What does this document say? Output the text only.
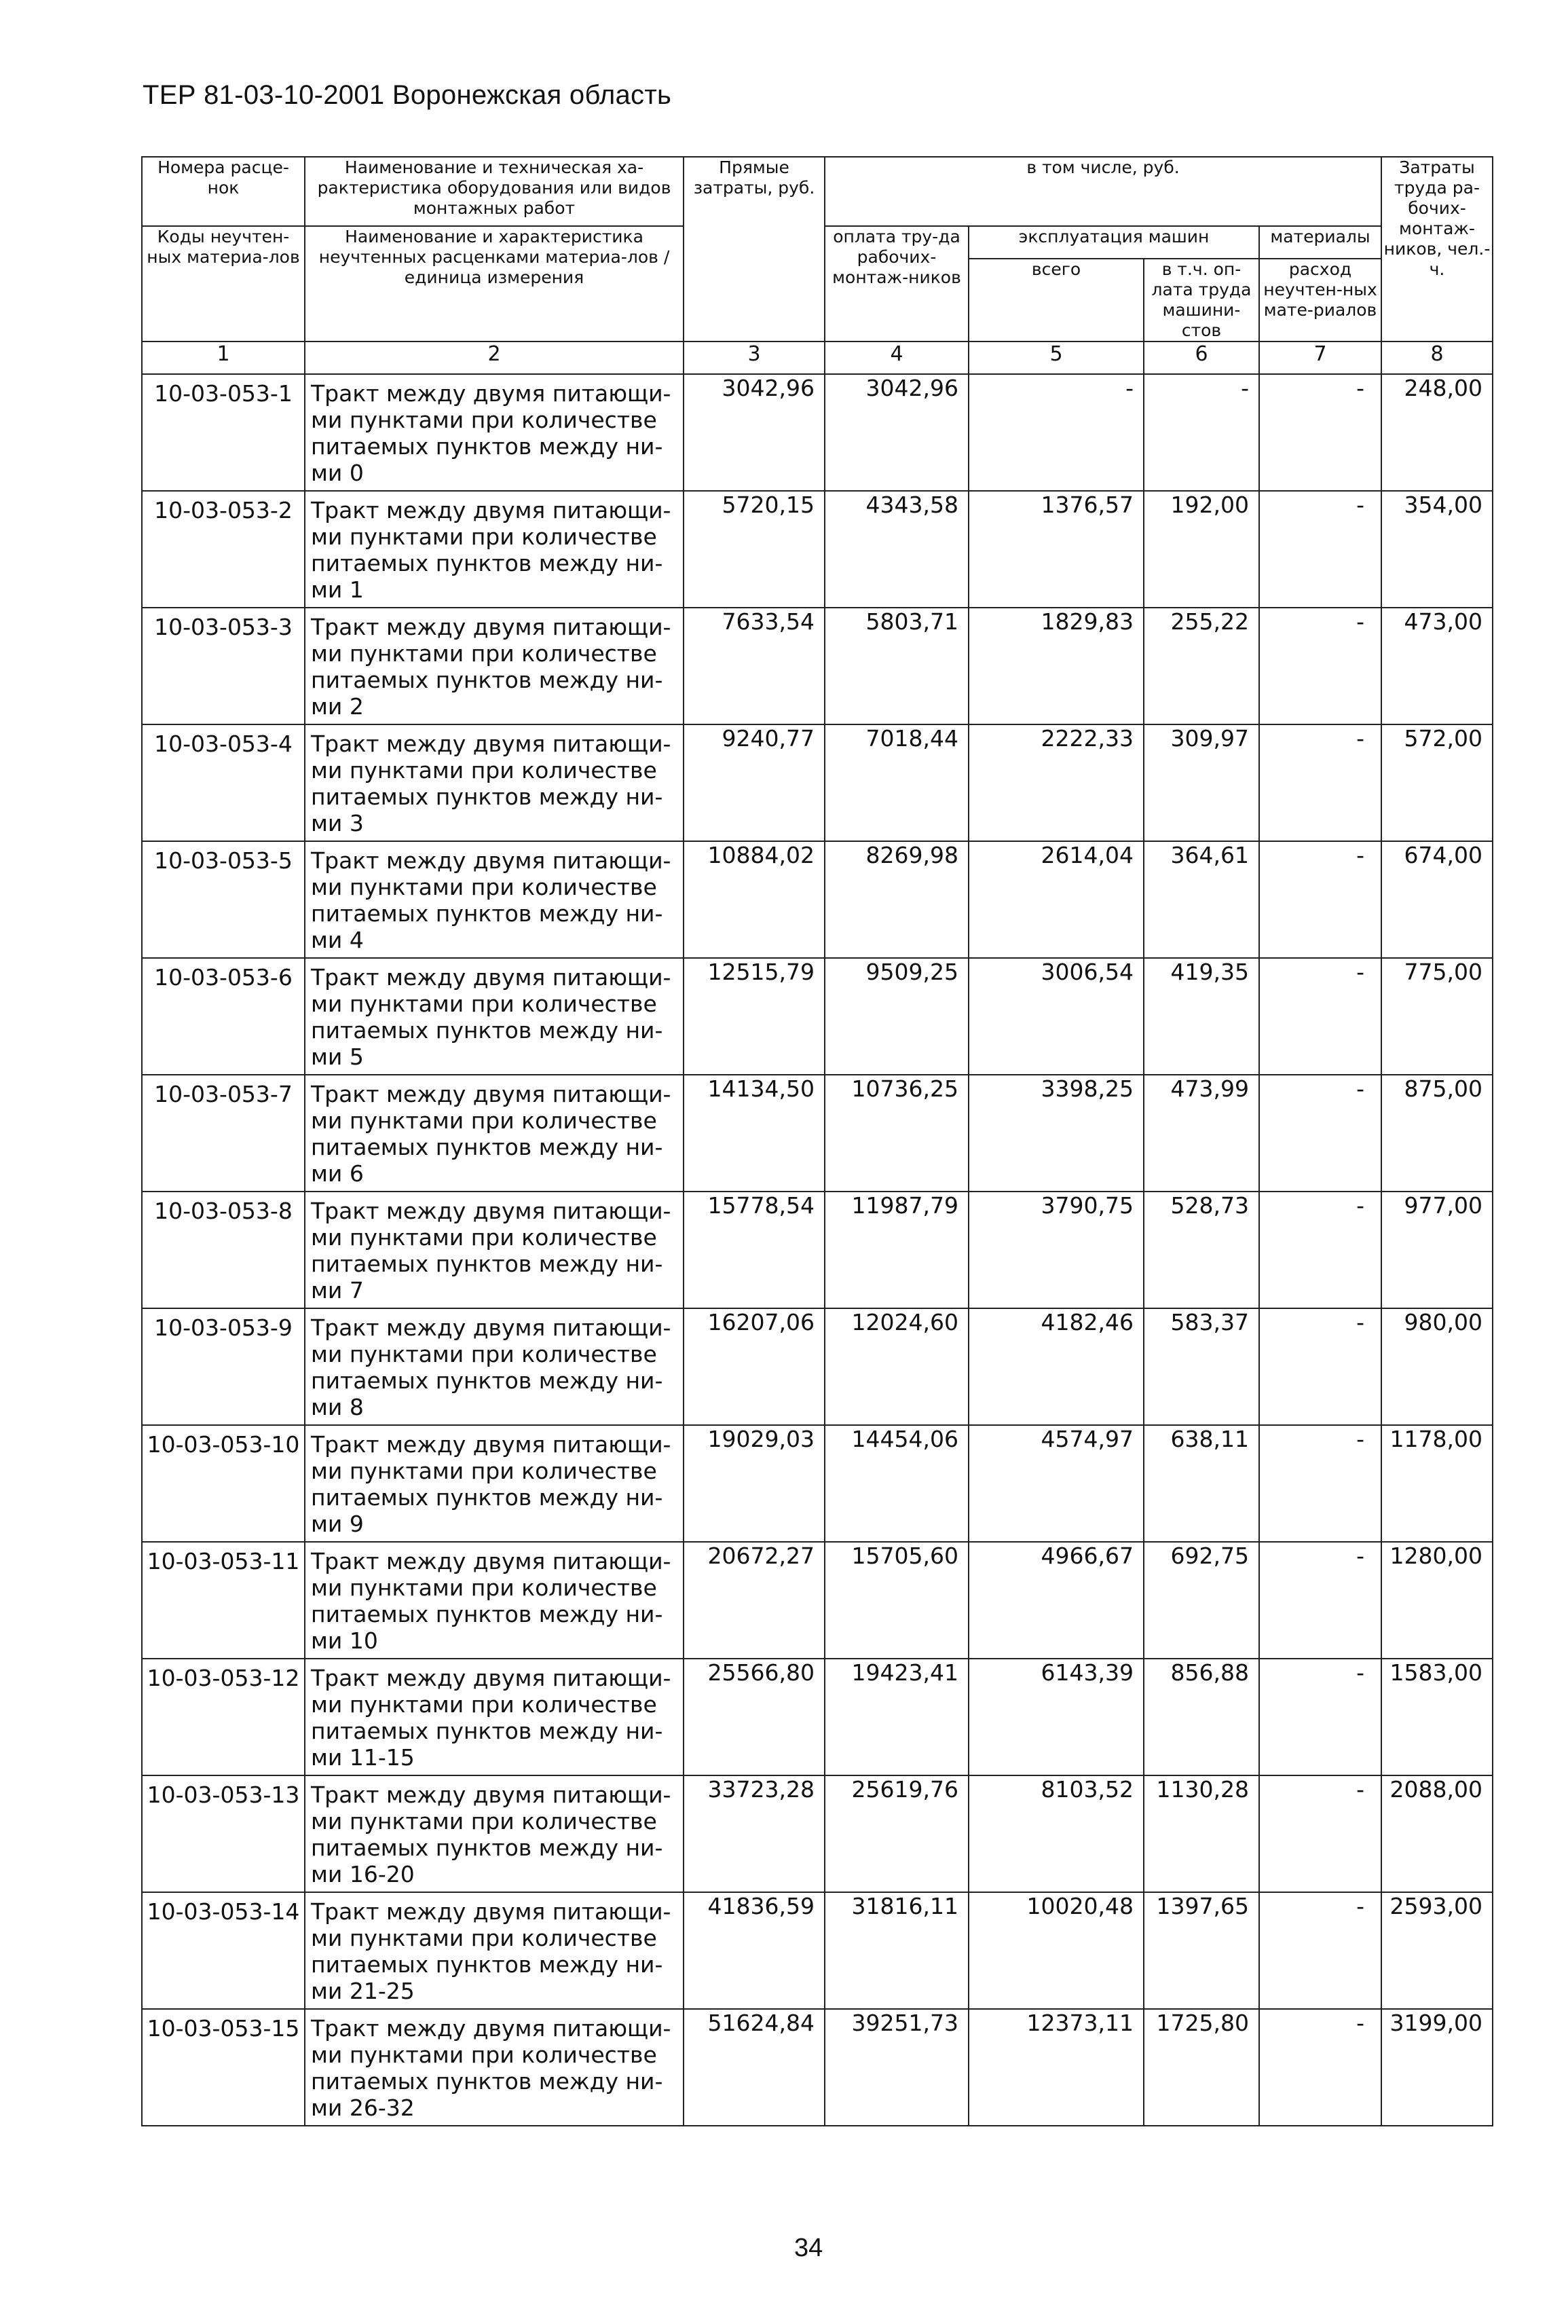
ТЕР 81-03-10-2001 Воронежская область
Номера расце-нок	Наименование и техническая ха-рактеристика оборудования или видов монтажных работ	Прямые затраты, руб.	в том числе, руб.				Затраты труда ра-бочих-монтаж-ников, чел.-ч.
Коды неучтен-ных материа-лов	Наименование и характеристика неучтенных расценками материа-лов / единица измерения		оплата тру-да рабочих-монтаж-ников	эксплуатация машин		материалы	
				всего	в т.ч. оп-лата труда машини-стов	расход неучтен-ных мате-риалов	
1	2	3	4	5	6	7	8
10-03-053-1	Тракт между двумя питающи-ми пунктами при количестве питаемых пунктов между ни-ми 0	3042,96	3042,96	-	-	-	248,00
10-03-053-2	Тракт между двумя питающи-ми пунктами при количестве питаемых пунктов между ни-ми 1	5720,15	4343,58	1376,57	192,00	-	354,00
10-03-053-3	Тракт между двумя питающи-ми пунктами при количестве питаемых пунктов между ни-ми 2	7633,54	5803,71	1829,83	255,22	-	473,00
10-03-053-4	Тракт между двумя питающи-ми пунктами при количестве питаемых пунктов между ни-ми 3	9240,77	7018,44	2222,33	309,97	-	572,00
10-03-053-5	Тракт между двумя питающи-ми пунктами при количестве питаемых пунктов между ни-ми 4	10884,02	8269,98	2614,04	364,61	-	674,00
10-03-053-6	Тракт между двумя питающи-ми пунктами при количестве питаемых пунктов между ни-ми 5	12515,79	9509,25	3006,54	419,35	-	775,00
10-03-053-7	Тракт между двумя питающи-ми пунктами при количестве питаемых пунктов между ни-ми 6	14134,50	10736,25	3398,25	473,99	-	875,00
10-03-053-8	Тракт между двумя питающи-ми пунктами при количестве питаемых пунктов между ни-ми 7	15778,54	11987,79	3790,75	528,73	-	977,00
10-03-053-9	Тракт между двумя питающи-ми пунктами при количестве питаемых пунктов между ни-ми 8	16207,06	12024,60	4182,46	583,37	-	980,00
10-03-053-10	Тракт между двумя питающи-ми пунктами при количестве питаемых пунктов между ни-ми 9	19029,03	14454,06	4574,97	638,11	-	1178,00
10-03-053-11	Тракт между двумя питающи-ми пунктами при количестве питаемых пунктов между ни-ми 10	20672,27	15705,60	4966,67	692,75	-	1280,00
10-03-053-12	Тракт между двумя питающи-ми пунктами при количестве питаемых пунктов между ни-ми 11-15	25566,80	19423,41	6143,39	856,88	-	1583,00
10-03-053-13	Тракт между двумя питающи-ми пунктами при количестве питаемых пунктов между ни-ми 16-20	33723,28	25619,76	8103,52	1130,28	-	2088,00
10-03-053-14	Тракт между двумя питающи-ми пунктами при количестве питаемых пунктов между ни-ми 21-25	41836,59	31816,11	10020,48	1397,65	-	2593,00
10-03-053-15	Тракт между двумя питающи-ми пунктами при количестве питаемых пунктов между ни-ми 26-32	51624,84	39251,73	12373,11	1725,80	-	3199,00
34
